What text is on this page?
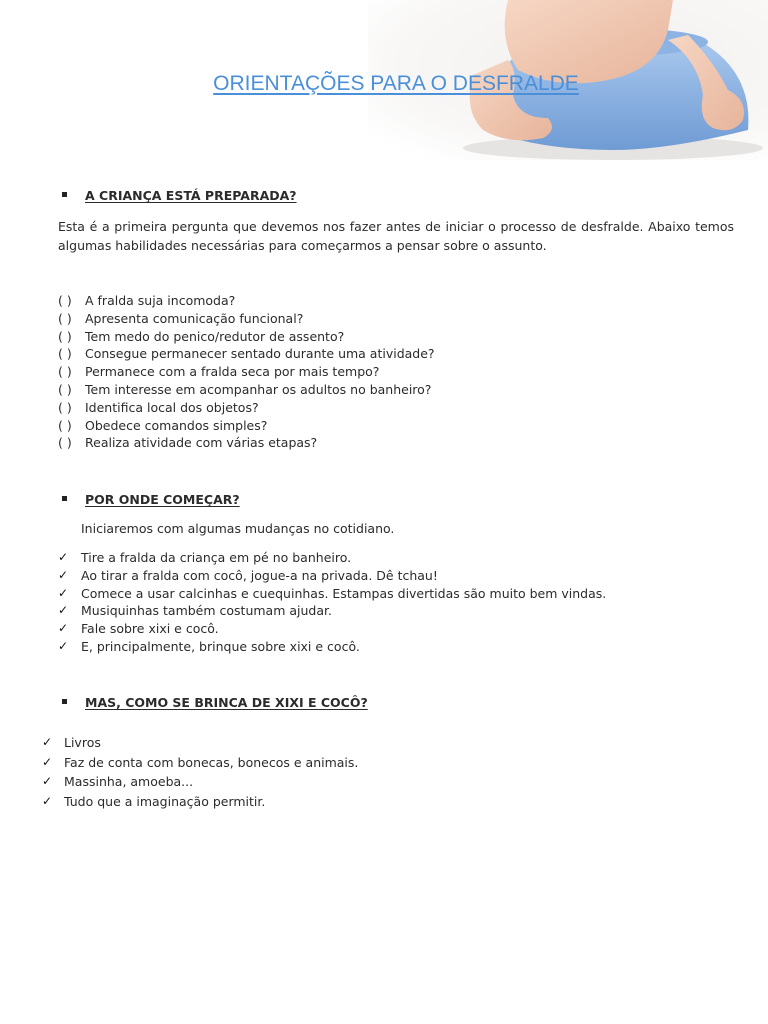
ORIENTAÇÕES PARA O DESFRALDE
A CRIANÇA ESTÁ PREPARADA?

Esta é a primeira pergunta que devemos nos fazer antes de iniciar o processo de desfralde. Abaixo temos algumas habilidades necessárias para começarmos a pensar sobre o assunto.

( ) A fralda suja incomoda?
( ) Apresenta comunicação funcional?
( ) Tem medo do penico/redutor de assento?
( ) Consegue permanecer sentado durante uma atividade?
( ) Permanece com a fralda seca por mais tempo?
( ) Tem interesse em acompanhar os adultos no banheiro?
( ) Identifica local dos objetos?
( ) Obedece comandos simples?
( ) Realiza atividade com várias etapas?
POR ONDE COMEÇAR?
Iniciaremos com algumas mudanças no cotidiano.
✓ Tire a fralda da criança em pé no banheiro.
✓ Ao tirar a fralda com cocô, jogue-a na privada. Dê tchau!
✓ Comece a usar calcinhas e cuequinhas. Estampas divertidas são muito bem vindas.
✓ Musiquinhas também costumam ajudar.
✓ Fale sobre xixi e cocô.
✓ E, principalmente, brinque sobre xixi e cocô.
MAS, COMO SE BRINCA DE XIXI E COCÔ?
✓ Livros
✓ Faz de conta com bonecas, bonecos e animais.
✓ Massinha, amoeba...
✓ Tudo que a imaginação permitir.
